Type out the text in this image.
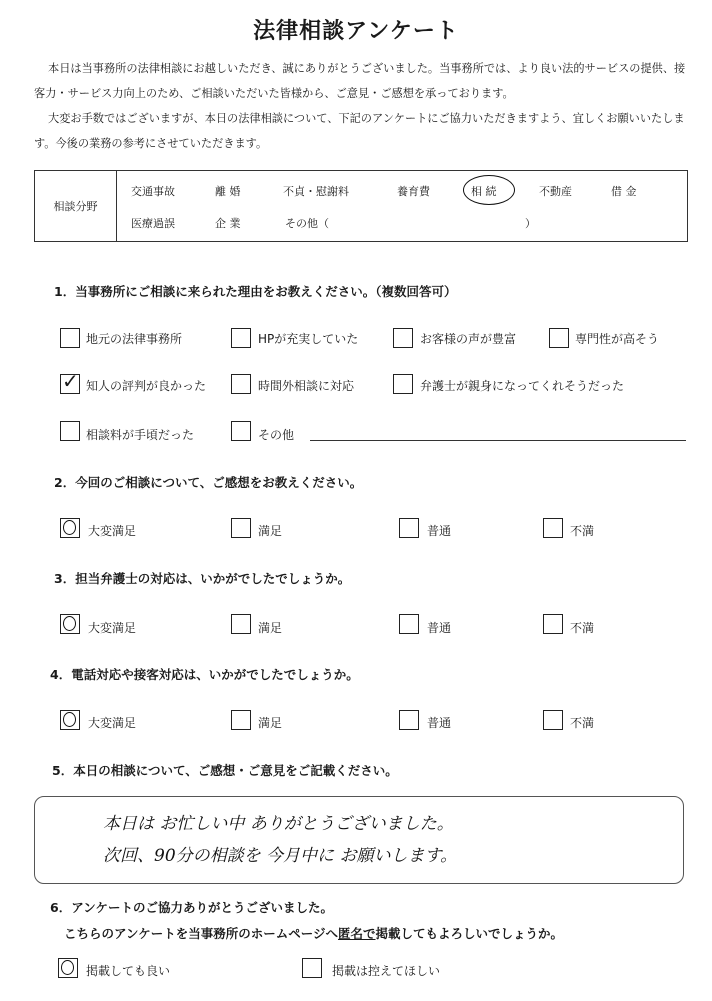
法律相談アンケート

本日は当事務所の法律相談にお越しいただき、誠にありがとうございました。当事務所では、より良い法的サービスの提供、接客力・サービス力向上のため、ご相談いただいた皆様から、ご意見・ご感想を承っております。

大変お手数ではございますが、本日の法律相談について、下記のアンケートにご協力いただきますよう、宜しくお願いいたします。今後の業務の参考にさせていただきます。

相談分野
交通事故	離 婚	不貞・慰謝料	養育費	相 続	不動産	借 金
医療過誤	企 業	その他（	）
1．当事務所にご相談に来られた理由をお教えください。（複数回答可）
地元の法律事務所	HPが充実していた	お客様の声が豊富	専門性が高そう
✓ 知人の評判が良かった	時間外相談に対応	弁護士が親身になってくれそうだった
相談料が手頃だった	その他
2．今回のご相談について、ご感想をお教えください。
大変満足	満足	普通	不満
3．担当弁護士の対応は、いかがでしたでしょうか。
大変満足	満足	普通	不満
4．電話対応や接客対応は、いかがでしたでしょうか。
大変満足	満足	普通	不満
5．本日の相談について、ご感想・ご意見をご記載ください。
本日は お忙しい中 ありがとうございました。
次回、90分の相談を 今月中に お願いします。
6．アンケートのご協力ありがとうございました。
こちらのアンケートを当事務所のホームページへ匿名で掲載してもよろしいでしょうか。
掲載しても良い	掲載は控えてほしい
